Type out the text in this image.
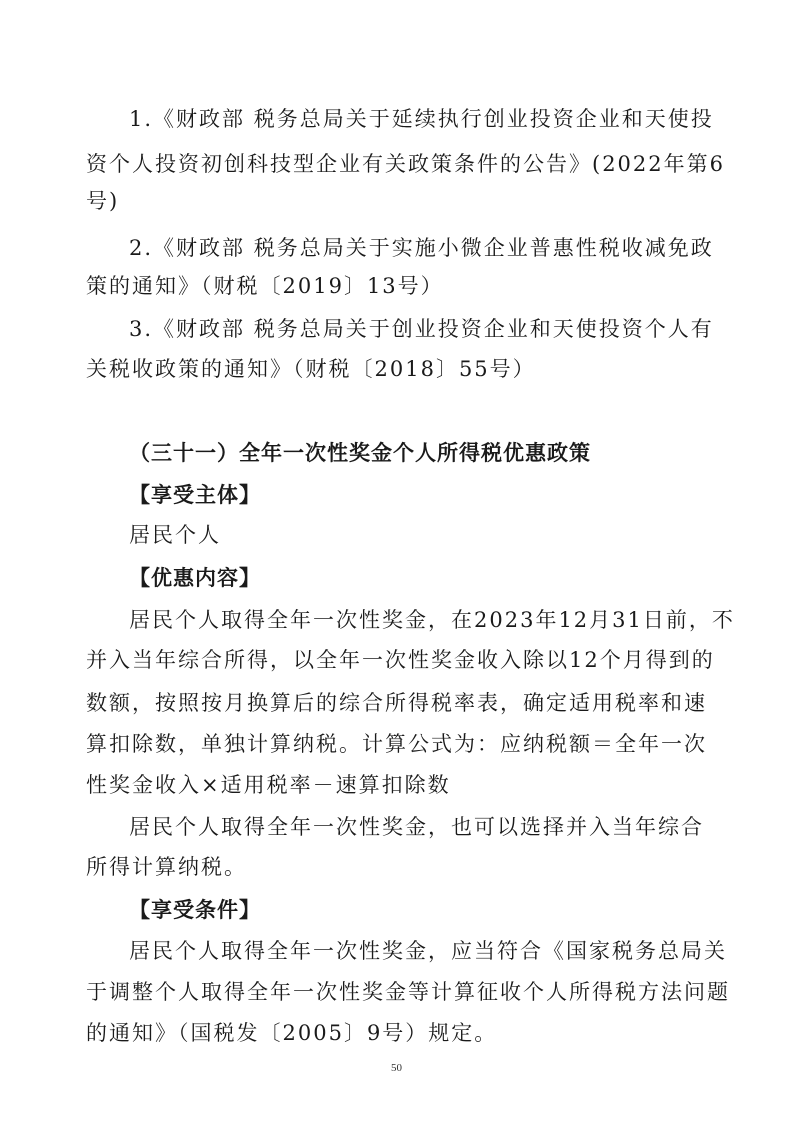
1.《财政部 税务总局关于延续执行创业投资企业和天使投
资个人投资初创科技型企业有关政策条件的公告》(2022年第6
号)
2.《财政部 税务总局关于实施小微企业普惠性税收减免政
策的通知》（财税〔2019〕13号）
3.《财政部 税务总局关于创业投资企业和天使投资个人有
关税收政策的通知》（财税〔2018〕55号）
（三十一）全年一次性奖金个人所得税优惠政策
【享受主体】
居民个人
【优惠内容】
居民个人取得全年一次性奖金，在2023年12月31日前，不
并入当年综合所得，以全年一次性奖金收入除以12个月得到的
数额，按照按月换算后的综合所得税率表，确定适用税率和速
算扣除数，单独计算纳税。计算公式为：应纳税额＝全年一次
性奖金收入×适用税率－速算扣除数
居民个人取得全年一次性奖金，也可以选择并入当年综合
所得计算纳税。
【享受条件】
居民个人取得全年一次性奖金，应当符合《国家税务总局关
于调整个人取得全年一次性奖金等计算征收个人所得税方法问题
的通知》（国税发〔2005〕9号）规定。
50
